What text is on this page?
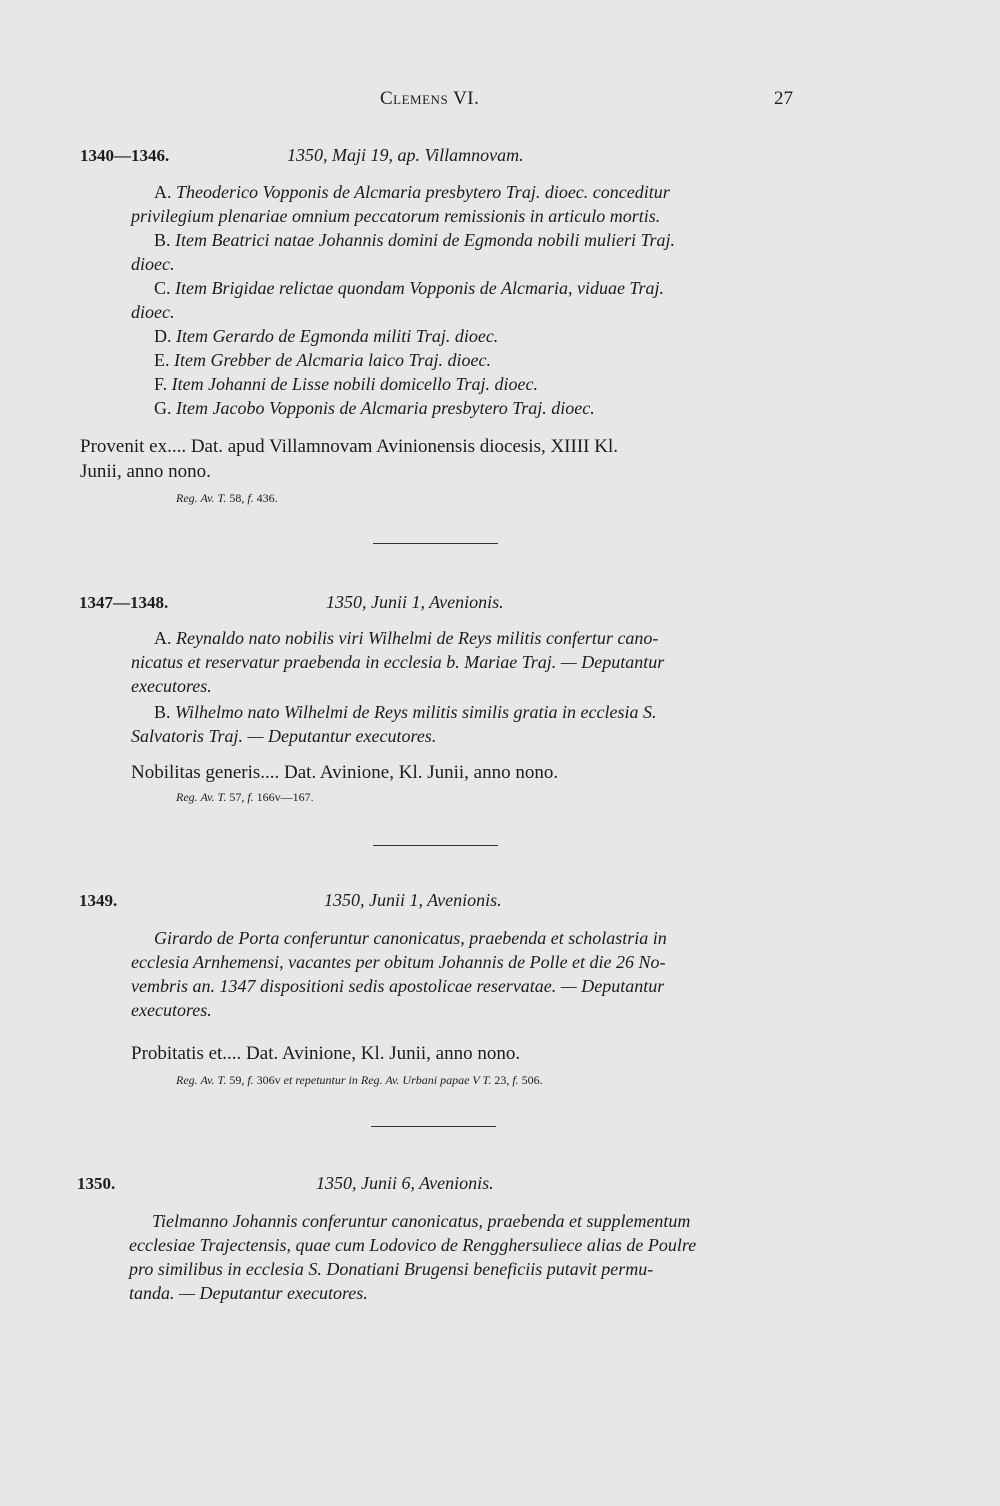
Clemens VI.	27
1340—1346.	1350, Maji 19, ap. Villamnovam.
A. Theoderico Vopponis de Alcmaria presbytero Traj. dioec. conceditur
privilegium plenariae omnium peccatorum remissionis in articulo mortis.
B. Item Beatrici natae Johannis domini de Egmonda nobili mulieri Traj.
dioec.
C. Item Brigidae relictae quondam Vopponis de Alcmaria, viduae Traj.
dioec.
D. Item Gerardo de Egmonda militi Traj. dioec.
E. Item Grebber de Alcmaria laico Traj. dioec.
F. Item Johanni de Lisse nobili domicello Traj. dioec.
G. Item Jacobo Vopponis de Alcmaria presbytero Traj. dioec.
Provenit ex.... Dat. apud Villamnovam Avinionensis diocesis, XIIII Kl.
Junii, anno nono.
Reg. Av. T. 58, f. 436.
1347—1348.	1350, Junii 1, Avenionis.
A. Reynaldo nato nobilis viri Wilhelmi de Reys militis confertur cano-
nicatus et reservatur praebenda in ecclesia b. Mariae Traj. — Deputantur
executores.
B. Wilhelmo nato Wilhelmi de Reys militis similis gratia in ecclesia S.
Salvatoris Traj. — Deputantur executores.
Nobilitas generis.... Dat. Avinione, Kl. Junii, anno nono.
Reg. Av. T. 57, f. 166v—167.
1349.	1350, Junii 1, Avenionis.
Girardo de Porta conferuntur canonicatus, praebenda et scholastria in
ecclesia Arnhemensi, vacantes per obitum Johannis de Polle et die 26 No-
vembris an. 1347 dispositioni sedis apostolicae reservatae. — Deputantur
executores.
Probitatis et.... Dat. Avinione, Kl. Junii, anno nono.
Reg. Av. T. 59, f. 306v et repetuntur in Reg. Av. Urbani papae V T. 23, f. 506.
1350.	1350, Junii 6, Avenionis.
Tielmanno Johannis conferuntur canonicatus, praebenda et supplementum
ecclesiae Trajectensis, quae cum Lodovico de Rengghersuliece alias de Poulre
pro similibus in ecclesia S. Donatiani Brugensi beneficiis putavit permu-
tanda. — Deputantur executores.
